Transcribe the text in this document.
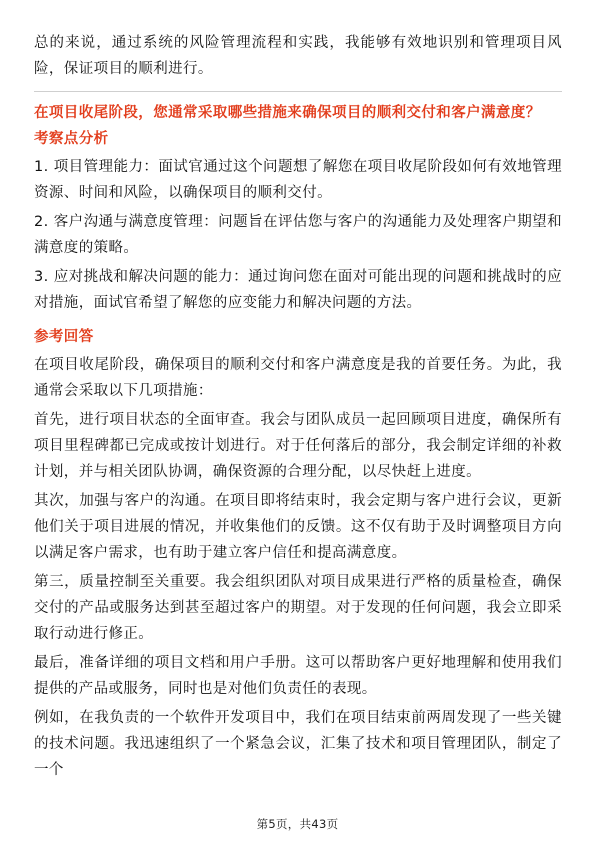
总的来说，通过系统的风险管理流程和实践，我能够有效地识别和管理项目风险，保证项目的顺利进行。

在项目收尾阶段，您通常采取哪些措施来确保项目的顺利交付和客户满意度？

考察点分析

1. 项目管理能力：面试官通过这个问题想了解您在项目收尾阶段如何有效地管理资源、时间和风险，以确保项目的顺利交付。

2. 客户沟通与满意度管理：问题旨在评估您与客户的沟通能力及处理客户期望和满意度的策略。

3. 应对挑战和解决问题的能力：通过询问您在面对可能出现的问题和挑战时的应对措施，面试官希望了解您的应变能力和解决问题的方法。

参考回答

在项目收尾阶段，确保项目的顺利交付和客户满意度是我的首要任务。为此，我通常会采取以下几项措施：

首先，进行项目状态的全面审查。我会与团队成员一起回顾项目进度，确保所有项目里程碑都已完成或按计划进行。对于任何落后的部分，我会制定详细的补救计划，并与相关团队协调，确保资源的合理分配，以尽快赶上进度。

其次，加强与客户的沟通。在项目即将结束时，我会定期与客户进行会议，更新他们关于项目进展的情况，并收集他们的反馈。这不仅有助于及时调整项目方向以满足客户需求，也有助于建立客户信任和提高满意度。

第三，质量控制至关重要。我会组织团队对项目成果进行严格的质量检查，确保交付的产品或服务达到甚至超过客户的期望。对于发现的任何问题，我会立即采取行动进行修正。

最后，准备详细的项目文档和用户手册。这可以帮助客户更好地理解和使用我们提供的产品或服务，同时也是对他们负责任的表现。

例如，在我负责的一个软件开发项目中，我们在项目结束前两周发现了一些关键的技术问题。我迅速组织了一个紧急会议，汇集了技术和项目管理团队，制定了一个

第5页，共43页
